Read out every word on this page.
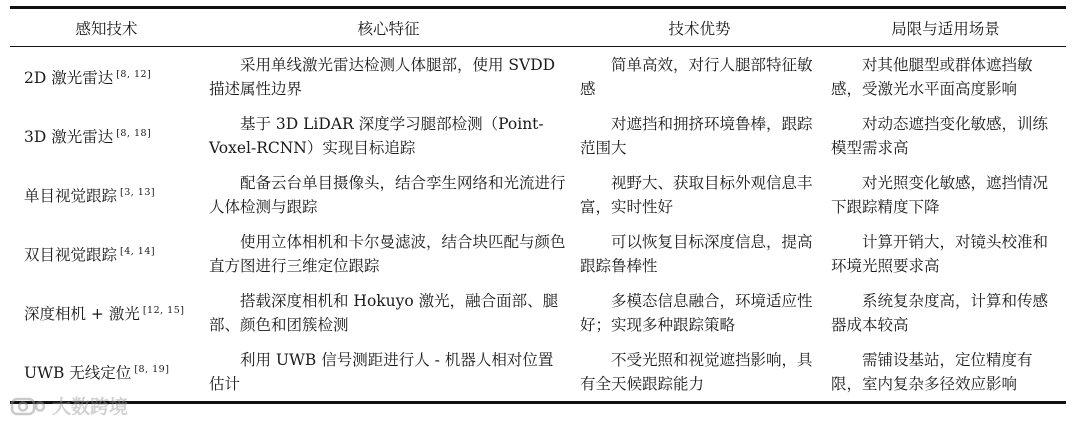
感知技术	核心特征	技术优势	局限与适用场景
2D 激光雷达 [8, 12]	采用单线激光雷达检测人体腿部，使用 SVDD 描述属性边界	简单高效，对行人腿部特征敏感	对其他腿型或群体遮挡敏感，受激光水平面高度影响
3D 激光雷达 [8, 18]	基于 3D LiDAR 深度学习腿部检测（Point-Voxel-RCNN）实现目标追踪	对遮挡和拥挤环境鲁棒，跟踪范围大	对动态遮挡变化敏感，训练模型需求高
单目视觉跟踪 [3, 13]	配备云台单目摄像头，结合孪生网络和光流进行人体检测与跟踪	视野大、获取目标外观信息丰富，实时性好	对光照变化敏感，遮挡情况下跟踪精度下降
双目视觉跟踪 [4, 14]	使用立体相机和卡尔曼滤波，结合块匹配与颜色直方图进行三维定位跟踪	可以恢复目标深度信息，提高跟踪鲁棒性	计算开销大，对镜头校准和环境光照要求高
深度相机 + 激光 [12, 15]	搭载深度相机和 Hokuyo 激光，融合面部、腿部、颜色和团簇检测	多模态信息融合，环境适应性好；实现多种跟踪策略	系统复杂度高，计算和传感器成本较高
UWB 无线定位 [8, 19]	利用 UWB 信号测距进行人 - 机器人相对位置估计	不受光照和视觉遮挡影响，具有全天候跟踪能力	需铺设基站，定位精度有限，室内复杂多径效应影响
大数跨境
